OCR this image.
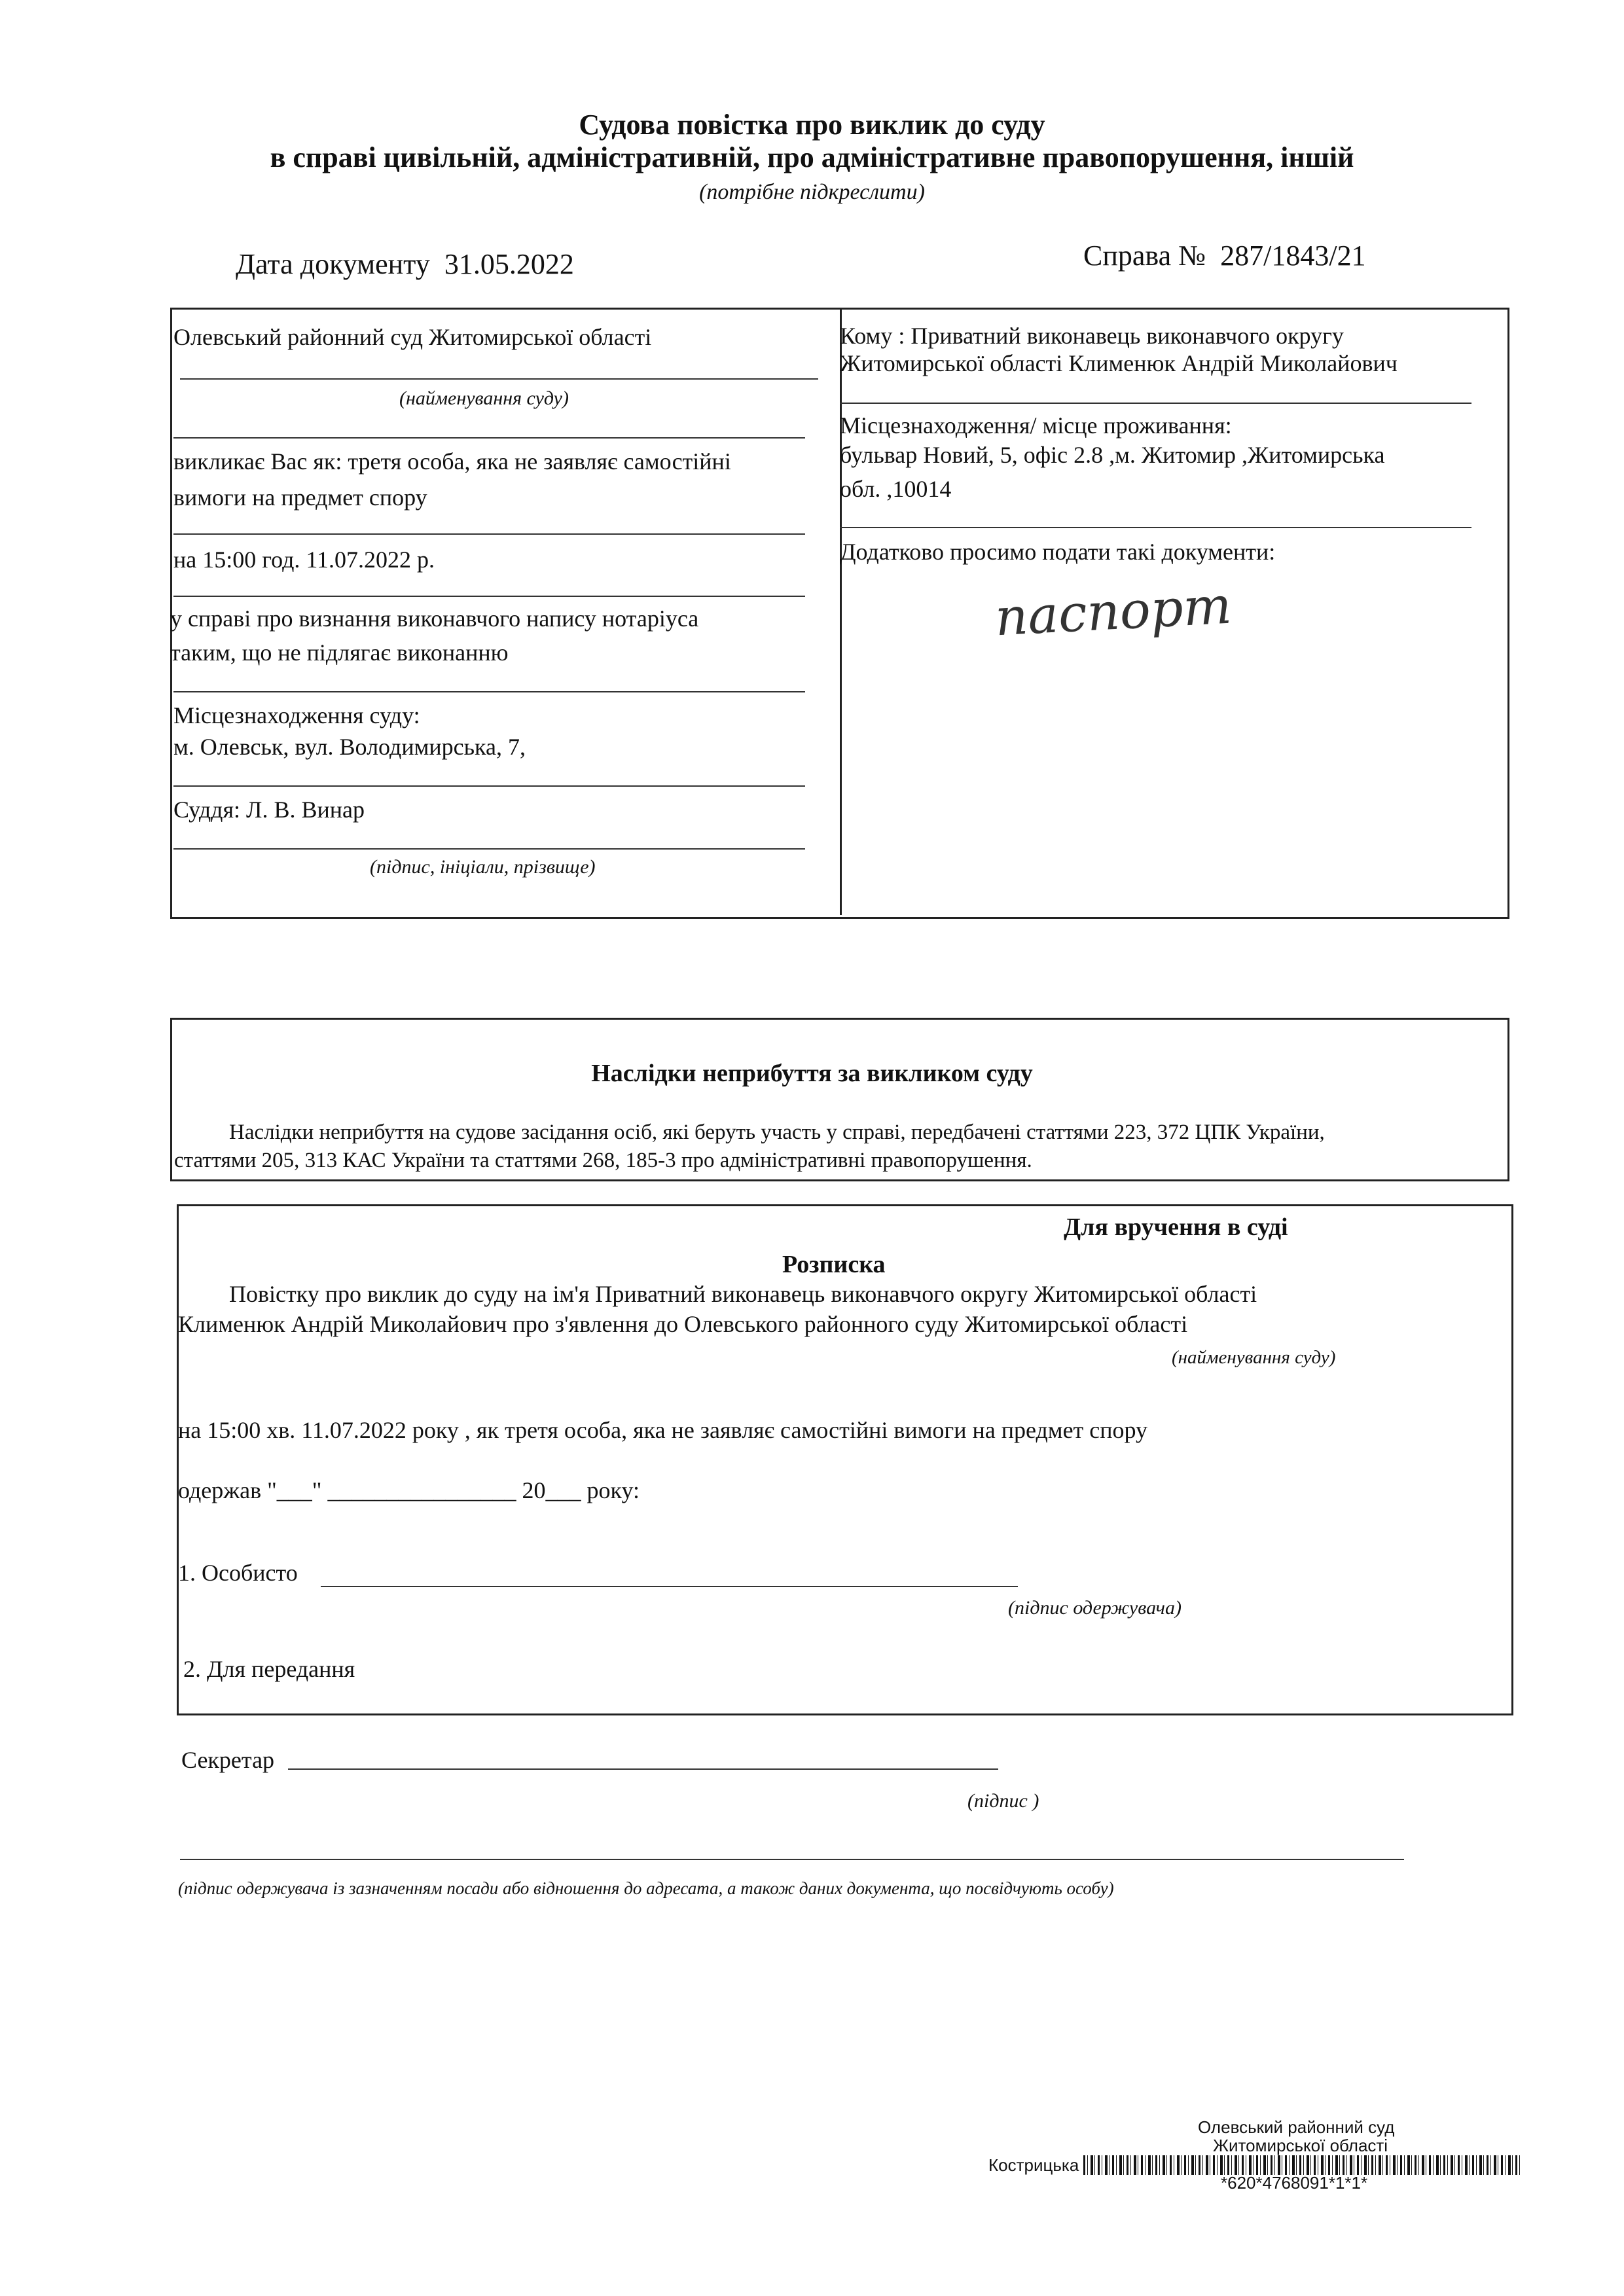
Судова повістка про виклик до суду
в справі цивільній, адміністративній, про адміністративне правопорушення, іншій
(потрібне підкреслити)
Дата документу 31.05.2022	Справа № 287/1843/21
Олевський районний суд Житомирської області
(найменування суду)
викликає Вас як: третя особа, яка не заявляє самостійні
вимоги на предмет спору
на 15:00 год. 11.07.2022 р.
у справі про визнання виконавчого напису нотаріуса
таким, що не підлягає виконанню
Місцезнаходження суду:
м. Олевськ, вул. Володимирська, 7,
Суддя: Л. В. Винар
(підпис, ініціали, прізвище)
Кому : Приватний виконавець виконавчого округу
Житомирської області Клименюк Андрій Миколайович
Місцезнаходження/ місце проживання:
бульвар Новий, 5, офіс 2.8 ,м. Житомир ,Житомирська
обл. ,10014
Додатково просимо подати такі документи:
паспорт
Наслідки неприбуття за викликом суду
Наслідки неприбуття на судове засідання осіб, які беруть участь у справі, передбачені статтями 223, 372 ЦПК України,
статтями 205, 313 КАС України та статтями 268, 185-3 про адміністративні правопорушення.
Для вручення в суді
Розписка
Повістку про виклик до суду на ім'я Приватний виконавець виконавчого округу Житомирської області
Клименюк Андрій Миколайович про з'явлення до Олевського районного суду Житомирської області
(найменування суду)
на 15:00 хв. 11.07.2022 року , як третя особа, яка не заявляє самостійні вимоги на предмет спору
одержав "___" ________________ 20___ року:
1. Особисто
(підпис одержувача)
2. Для передання
Секретар
(підпис )
(підпис одержувача із зазначенням посади або відношення до адресата, а також даних документа, що посвідчують особу)
Олевський районний суд
Житомирської області
Кострицька
*620*4768091*1*1*
